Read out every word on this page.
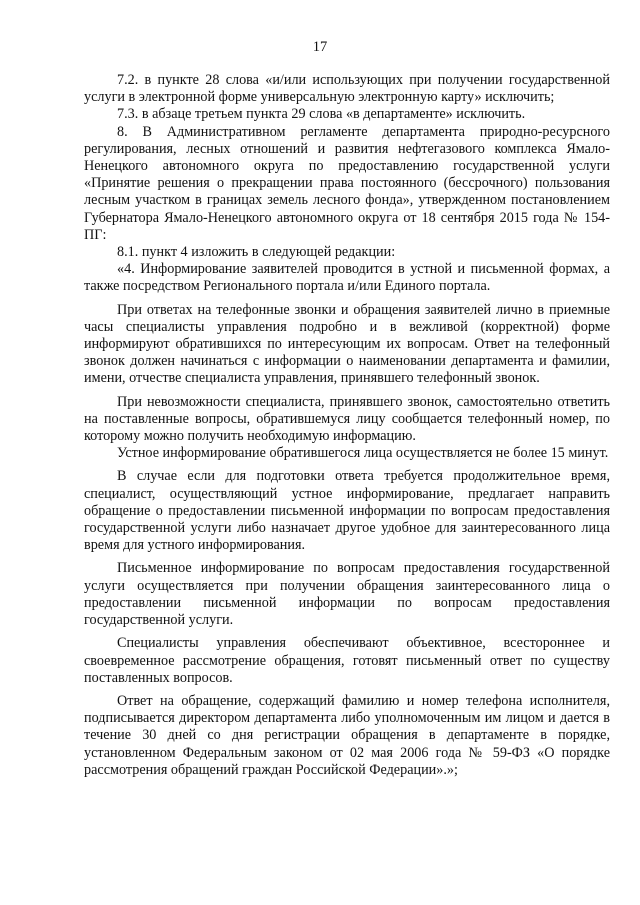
17

7.2. в пункте 28 слова «и/или использующих при получении государственной услуги в электронной форме универсальную электронную карту» исключить;

7.3. в абзаце третьем пункта 29 слова «в департаменте» исключить.

8. В Административном регламенте департамента природно-ресурсного регулирования, лесных отношений и развития нефтегазового комплекса Ямало-Ненецкого автономного округа по предоставлению государственной услуги «Принятие решения о прекращении права постоянного (бессрочного) пользования лесным участком в границах земель лесного фонда», утвержденном постановлением Губернатора Ямало-Ненецкого автономного округа от 18 сентября 2015 года № 154-ПГ:

8.1. пункт 4 изложить в следующей редакции:

«4. Информирование заявителей проводится в устной и письменной формах, а также посредством Регионального портала и/или Единого портала.

При ответах на телефонные звонки и обращения заявителей лично в приемные часы специалисты управления подробно и в вежливой (корректной) форме информируют обратившихся по интересующим их вопросам. Ответ на телефонный звонок должен начинаться с информации о наименовании департамента и фамилии, имени, отчестве специалиста управления, принявшего телефонный звонок.

При невозможности специалиста, принявшего звонок, самостоятельно ответить на поставленные вопросы, обратившемуся лицу сообщается телефонный номер, по которому можно получить необходимую информацию.

Устное информирование обратившегося лица осуществляется не более 15 минут.

В случае если для подготовки ответа требуется продолжительное время, специалист, осуществляющий устное информирование, предлагает направить обращение о предоставлении письменной информации по вопросам предоставления государственной услуги либо назначает другое удобное для заинтересованного лица время для устного информирования.

Письменное информирование по вопросам предоставления государственной услуги осуществляется при получении обращения заинтересованного лица о предоставлении письменной информации по вопросам предоставления государственной услуги.

Специалисты управления обеспечивают объективное, всестороннее и своевременное рассмотрение обращения, готовят письменный ответ по существу поставленных вопросов.

Ответ на обращение, содержащий фамилию и номер телефона исполнителя, подписывается директором департамента либо уполномоченным им лицом и дается в течение 30 дней со дня регистрации обращения в департаменте в порядке, установленном Федеральным законом от 02 мая 2006 года № 59-ФЗ «О порядке рассмотрения обращений граждан Российской Федерации».»;
